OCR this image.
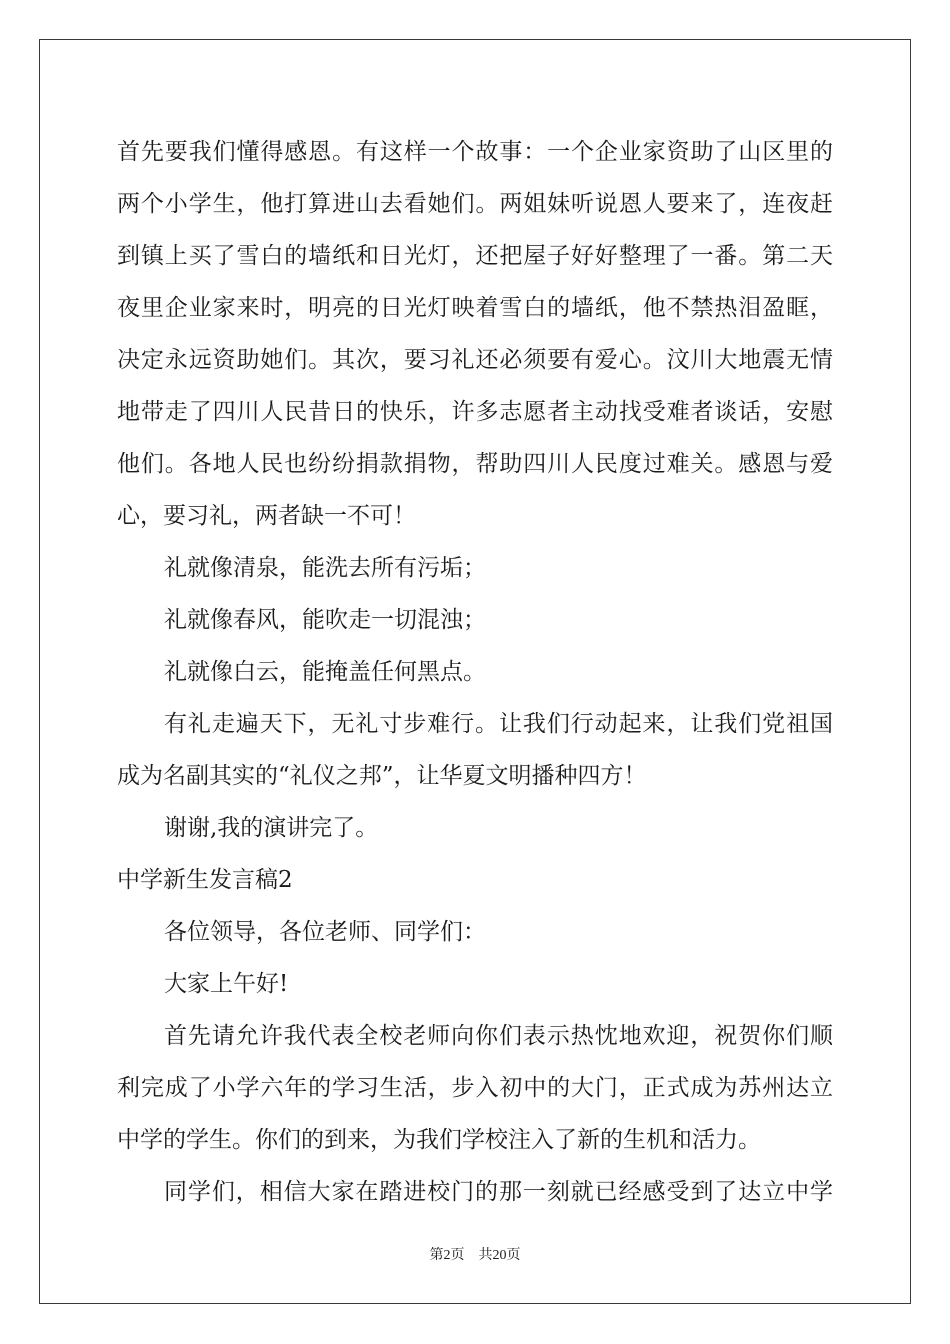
首先要我们懂得感恩。有这样一个故事：一个企业家资助了山区里的
两个小学生，他打算进山去看她们。两姐妹听说恩人要来了，连夜赶
到镇上买了雪白的墙纸和日光灯，还把屋子好好整理了一番。第二天
夜里企业家来时，明亮的日光灯映着雪白的墙纸，他不禁热泪盈眶，
决定永远资助她们。其次，要习礼还必须要有爱心。汶川大地震无情
地带走了四川人民昔日的快乐，许多志愿者主动找受难者谈话，安慰
他们。各地人民也纷纷捐款捐物，帮助四川人民度过难关。感恩与爱
心，要习礼，两者缺一不可！
礼就像清泉，能洗去所有污垢；
礼就像春风，能吹走一切混浊；
礼就像白云，能掩盖任何黑点。
有礼走遍天下，无礼寸步难行。让我们行动起来，让我们党祖国
成为名副其实的“礼仪之邦”，让华夏文明播种四方！
谢谢,我的演讲完了。
中学新生发言稿2
各位领导，各位老师、同学们：
大家上午好!
首先请允许我代表全校老师向你们表示热忱地欢迎，祝贺你们顺
利完成了小学六年的学习生活，步入初中的大门，正式成为苏州达立
中学的学生。你们的到来，为我们学校注入了新的生机和活力。
同学们，相信大家在踏进校门的那一刻就已经感受到了达立中学
第2页    共20页
